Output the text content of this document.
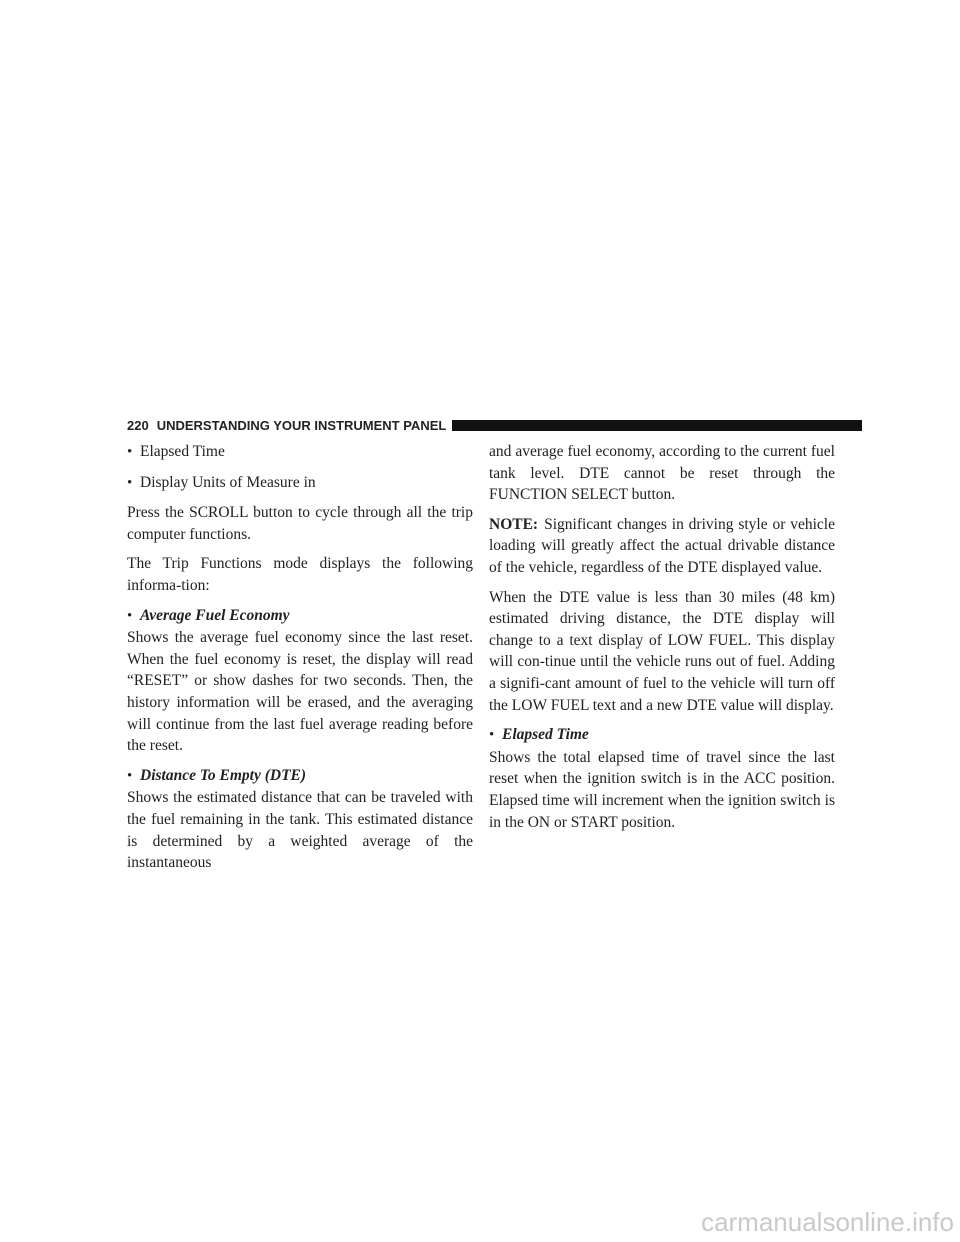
220 UNDERSTANDING YOUR INSTRUMENT PANEL
• Elapsed Time
• Display Units of Measure in

Press the SCROLL button to cycle through all the trip computer functions.

The Trip Functions mode displays the following informa-tion:

• Average Fuel Economy

Shows the average fuel economy since the last reset. When the fuel economy is reset, the display will read “RESET” or show dashes for two seconds. Then, the history information will be erased, and the averaging will continue from the last fuel average reading before the reset.

• Distance To Empty (DTE)

Shows the estimated distance that can be traveled with the fuel remaining in the tank. This estimated distance is determined by a weighted average of the instantaneous

and average fuel economy, according to the current fuel tank level. DTE cannot be reset through the FUNCTION SELECT button.

NOTE: Significant changes in driving style or vehicle loading will greatly affect the actual drivable distance of the vehicle, regardless of the DTE displayed value.

When the DTE value is less than 30 miles (48 km) estimated driving distance, the DTE display will change to a text display of LOW FUEL. This display will con-tinue until the vehicle runs out of fuel. Adding a signifi-cant amount of fuel to the vehicle will turn off the LOW FUEL text and a new DTE value will display.

• Elapsed Time

Shows the total elapsed time of travel since the last reset when the ignition switch is in the ACC position. Elapsed time will increment when the ignition switch is in the ON or START position.

carmanualsonline.info
